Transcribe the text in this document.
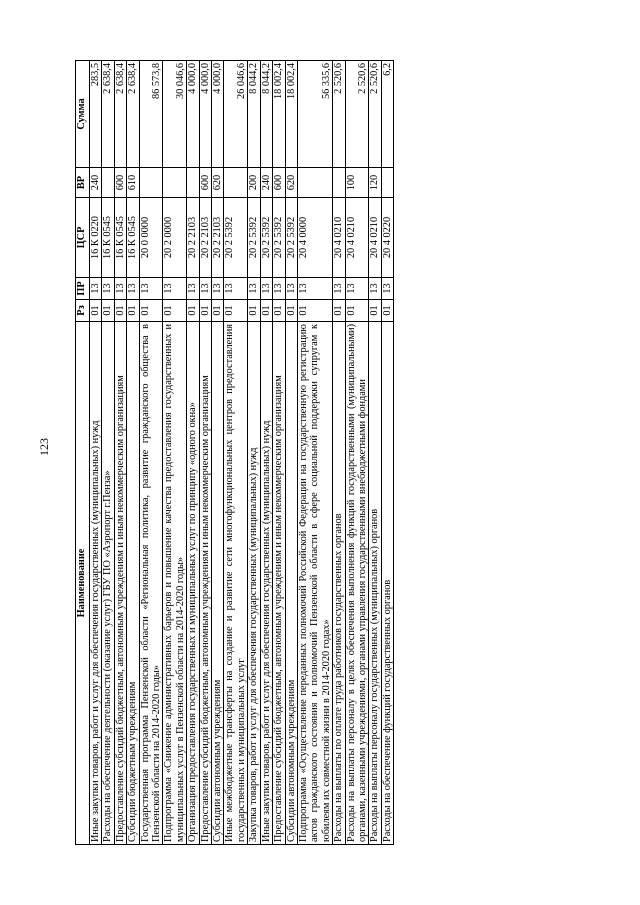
123
Наименование	Рз	ПР	ЦСР	ВР	Сумма
Иные закупки товаров, работ и услуг для обеспечения государственных (муниципальных) нужд	01	13	16 К 0220	240	283,5
Расходы на обеспечение деятельности (оказание услуг) ГБУ ПО «Аэропорт г.Пенза»	01	13	16 К 0545		2 638,4
Предоставление субсидий бюджетным, автономным учреждениям и иным некоммерческим организациям	01	13	16 К 0545	600	2 638,4
Субсидии бюджетным учреждениям	01	13	16 К 0545	610	2 638,4
Государственная программа Пензенской области «Региональная политика, развитие гражданского общества в Пензенской области на 2014-2020 годы»	01	13	20 0 0000		86 573,8
Подпрограмма «Снижение административных барьеров и повышение качества предоставления государственных и муниципальных услуг в Пензенской области на 2014-2020 годы»	01	13	20 2 0000		30 046,6
Организация предоставления государственных и муниципальных услуг по принципу «одного окна»	01	13	20 2 2103		4 000,0
Предоставление субсидий бюджетным, автономным учреждениям и иным некоммерческим организациям	01	13	20 2 2103	600	4 000,0
Субсидии автономным учреждениям	01	13	20 2 2103	620	4 000,0
Иные межбюджетные трансферты на создание и развитие сети многофункциональных центров предоставления государственных и муниципальных услуг	01	13	20 2 5392		26 046,6
Закупка товаров, работ и услуг для обеспечения государственных (муниципальных) нужд	01	13	20 2 5392	200	8 044,2
Иные закупки товаров, работ и услуг для обеспечения государственных (муниципальных) нужд	01	13	20 2 5392	240	8 044,2
Предоставление субсидий бюджетным, автономным учреждениям и иным некоммерческим организациям	01	13	20 2 5392	600	18 002,4
Субсидии автономным учреждениям	01	13	20 2 5392	620	18 002,4
Подпрограмма «Осуществление переданных полномочий Российской Федерации на государственную регистрацию актов гражданского состояния и полномочий Пензенской области в сфере социальной поддержки супругам к юбилеям их совместной жизни в 2014-2020 годах»	01	13	20 4 0000		56 335,6
Расходы на выплаты по оплате труда работников государственных органов	01	13	20 4 0210		2 520,6
Расходы на выплаты персоналу в целях обеспечения выполнения функций государственными (муниципальными) органами, казенными учреждениями, органами управления государственными внебюджетными фондами	01	13	20 4 0210	100	2 520,6
Расходы на выплаты персоналу государственных (муниципальных) органов	01	13	20 4 0210	120	2 520,6
Расходы на обеспечение функций государственных органов	01	13	20 4 0220		6,2
